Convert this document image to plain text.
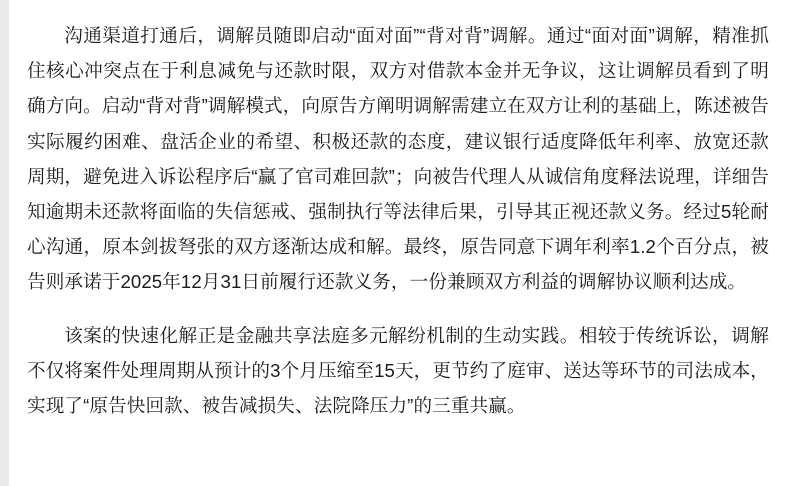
沟通渠道打通后，调解员随即启动“面对面”“背对背”调解。通过“面对面”调解，精准抓住核心冲突点在于利息减免与还款时限，双方对借款本金并无争议，这让调解员看到了明确方向。启动“背对背”调解模式，向原告方阐明调解需建立在双方让利的基础上，陈述被告实际履约困难、盘活企业的希望、积极还款的态度，建议银行适度降低年利率、放宽还款周期，避免进入诉讼程序后“赢了官司难回款”；向被告代理人从诚信角度释法说理，详细告知逾期未还款将面临的失信惩戒、强制执行等法律后果，引导其正视还款义务。经过5轮耐心沟通，原本剑拔弩张的双方逐渐达成和解。最终，原告同意下调年利率1.2个百分点，被告则承诺于2025年12月31日前履行还款义务，一份兼顾双方利益的调解协议顺利达成。

该案的快速化解正是金融共享法庭多元解纷机制的生动实践。相较于传统诉讼，调解不仅将案件处理周期从预计的3个月压缩至15天，更节约了庭审、送达等环节的司法成本，实现了“原告快回款、被告减损失、法院降压力”的三重共赢。
